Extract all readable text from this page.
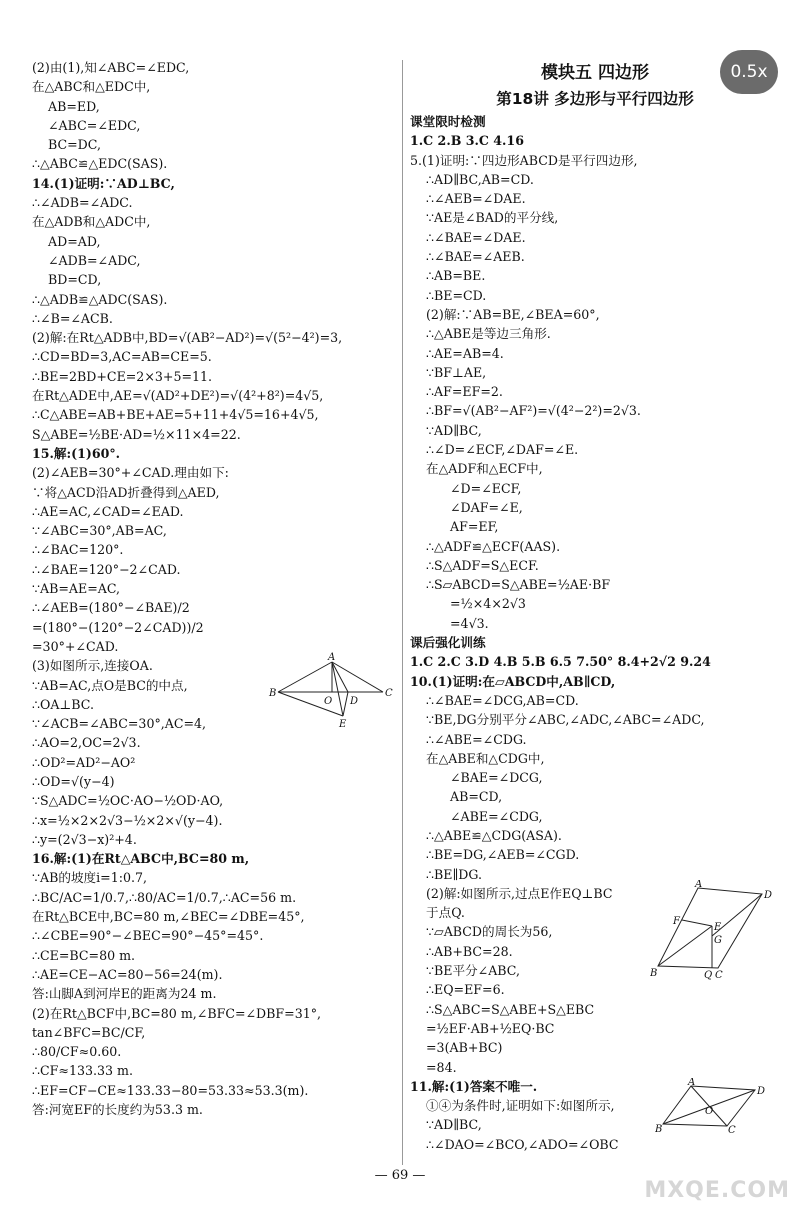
0.5x
(2)由(1),知∠ABC=∠EDC,
在△ABC和△EDC中,
AB=ED,
∠ABC=∠EDC,
BC=DC,
∴△ABC≌△EDC(SAS).
14.(1)证明:∵AD⊥BC,
∴∠ADB=∠ADC.
在△ADB和△ADC中,
AD=AD,
∠ADB=∠ADC,
BD=CD,
∴△ADB≌△ADC(SAS).
∴∠B=∠ACB.
(2)解:在Rt△ADB中,BD=√(AB²−AD²)=√(5²−4²)=3,
∴CD=BD=3,AC=AB=CE=5.
∴BE=2BD+CE=2×3+5=11.
在Rt△ADE中,AE=√(AD²+DE²)=√(4²+8²)=4√5,
∴C△ABE=AB+BE+AE=5+11+4√5=16+4√5,
S△ABE=½BE·AD=½×11×4=22.
15.解:(1)60°.
(2)∠AEB=30°+∠CAD.理由如下:
∵将△ACD沿AD折叠得到△AED,
∴AE=AC,∠CAD=∠EAD.
∵∠ABC=30°,AB=AC,
∴∠BAC=120°.
∴∠BAE=120°−2∠CAD.
∵AB=AE=AC,
∴∠AEB=(180°−∠BAE)/2
=(180°−(120°−2∠CAD))/2
=30°+∠CAD.
(3)如图所示,连接OA.
∵AB=AC,点O是BC的中点,
∴OA⊥BC.
∵∠ACB=∠ABC=30°,AC=4,
∴AO=2,OC=2√3.
∴OD²=AD²−AO²
∴OD=√(y−4)
∵S△ADC=½OC·AO−½OD·AO,
∴x=½×2×2√3−½×2×√(y−4).
∴y=(2√3−x)²+4.
16.解:(1)在Rt△ABC中,BC=80 m,
∵AB的坡度i=1:0.7,
∴BC/AC=1/0.7,∴80/AC=1/0.7,∴AC=56 m.
在Rt△BCE中,BC=80 m,∠BEC=∠DBE=45°,
∴∠CBE=90°−∠BEC=90°−45°=45°.
∴CE=BC=80 m.
∴AE=CE−AC=80−56=24(m).
答:山脚A到河岸E的距离为24 m.
(2)在Rt△BCF中,BC=80 m,∠BFC=∠DBF=31°,
tan∠BFC=BC/CF,
∴80/CF≈0.60.
∴CF≈133.33 m.
∴EF=CF−CE≈133.33−80=53.33≈53.3(m).
答:河宽EF的长度约为53.3 m.
A
B
O D
C
E
模块五 四边形
第18讲 多边形与平行四边形
课堂限时检测
1.C 2.B 3.C 4.16
5.(1)证明:∵四边形ABCD是平行四边形,
∴AD∥BC,AB=CD.
∴∠AEB=∠DAE.
∵AE是∠BAD的平分线,
∴∠BAE=∠DAE.
∴∠BAE=∠AEB.
∴AB=BE.
∴BE=CD.
(2)解:∵AB=BE,∠BEA=60°,
∴△ABE是等边三角形.
∴AE=AB=4.
∵BF⊥AE,
∴AF=EF=2.
∴BF=√(AB²−AF²)=√(4²−2²)=2√3.
∵AD∥BC,
∴∠D=∠ECF,∠DAF=∠E.
在△ADF和△ECF中,
∠D=∠ECF,
∠DAF=∠E,
AF=EF,
∴△ADF≌△ECF(AAS).
∴S△ADF=S△ECF.
∴S▱ABCD=S△ABE=½AE·BF
=½×4×2√3
=4√3.
课后强化训练
1.C 2.C 3.D 4.B 5.B 6.5 7.50° 8.4+2√2 9.24
10.(1)证明:在▱ABCD中,AB∥CD,
∴∠BAE=∠DCG,AB=CD.
∵BE,DG分别平分∠ABC,∠ADC,∠ABC=∠ADC,
∴∠ABE=∠CDG.
在△ABE和△CDG中,
∠BAE=∠DCG,
AB=CD,
∠ABE=∠CDG,
∴△ABE≌△CDG(ASA).
∴BE=DG,∠AEB=∠CGD.
∴BE∥DG.
(2)解:如图所示,过点E作EQ⊥BC
于点Q.
∵▱ABCD的周长为56,
∴AB+BC=28.
∵BE平分∠ABC,
∴EQ=EF=6.
∴S△ABC=S△ABE+S△EBC
=½EF·AB+½EQ·BC
=3(AB+BC)
=84.
11.解:(1)答案不唯一.
①④为条件时,证明如下:如图所示,
∵AD∥BC,
∴∠DAO=∠BCO,∠ADO=∠OBC
A
D
F
E
G
B	Q C
A
D
O
B	C
— 69 —
MXQE.COM
